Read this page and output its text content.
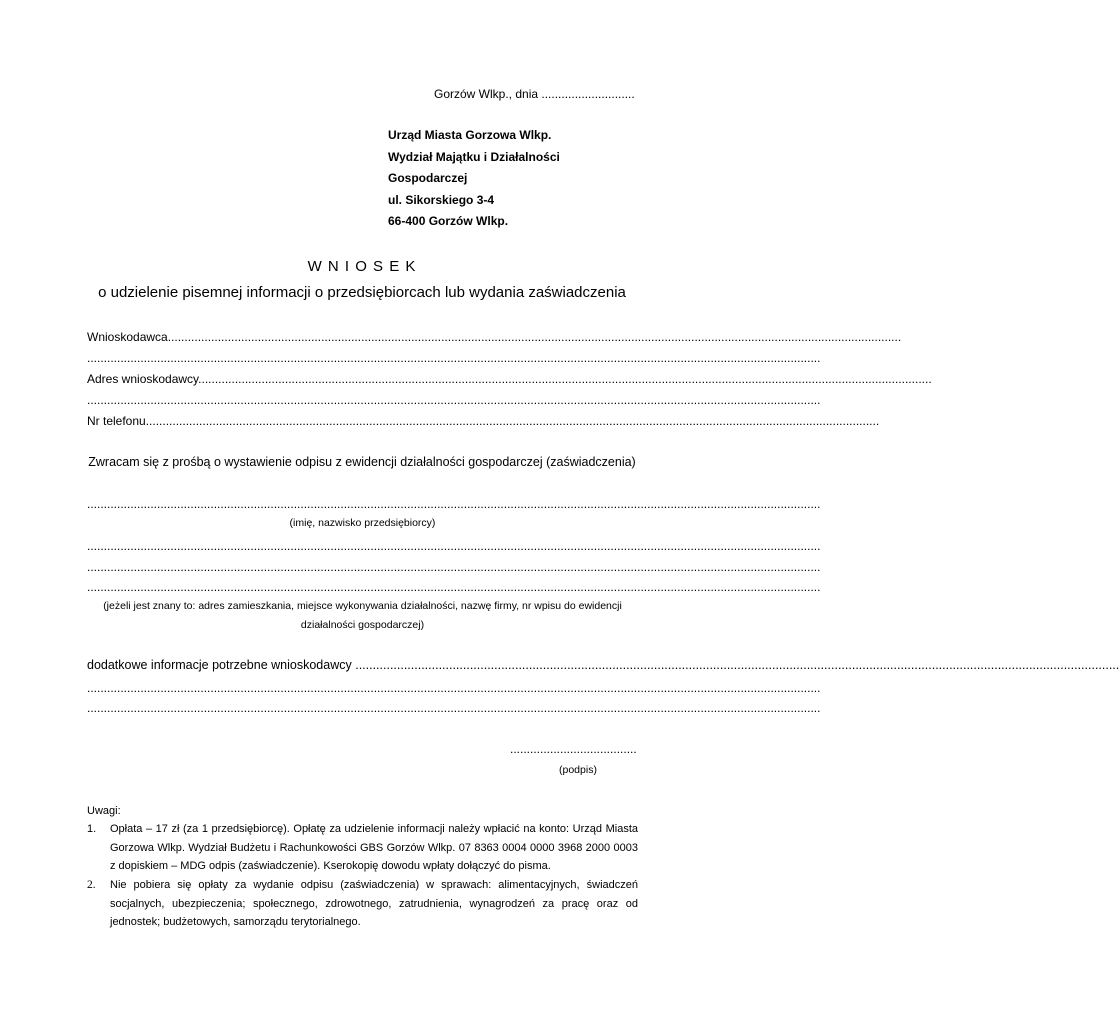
Gorzów Wlkp., dnia ............................
Urząd Miasta Gorzowa Wlkp.
Wydział Majątku i Działalności
Gospodarczej
ul. Sikorskiego 3-4
66-400 Gorzów Wlkp.
W N I O S E K
o udzielenie pisemnej informacji o przedsiębiorcach lub wydania zaświadczenia
Wnioskodawca............................................................................................................................................................................................................................
............................................................................................................................................................................................................................
Adres wnioskodawcy............................................................................................................................................................................................................................
............................................................................................................................................................................................................................
Nr telefonu............................................................................................................................................................................................................................
Zwracam się z prośbą o wystawienie odpisu z ewidencji działalności gospodarczej (zaświadczenia)
............................................................................................................................................................................................................................
(imię, nazwisko przedsiębiorcy)
............................................................................................................................................................................................................................
............................................................................................................................................................................................................................
............................................................................................................................................................................................................................
(jeżeli jest znany to: adres zamieszkania, miejsce wykonywania działalności, nazwę firmy, nr wpisu do ewidencji
działalności gospodarczej)
dodatkowe informacje potrzebne wnioskodawcy ............................................................................................................................................................................................................................
............................................................................................................................................................................................................................
............................................................................................................................................................................................................................
......................................
(podpis)
Uwagi:
1. Opłata – 17 zł (za 1 przedsiębiorcę). Opłatę za udzielenie informacji należy wpłacić na konto: Urząd Miasta Gorzowa Wlkp. Wydział Budżetu i Rachunkowości GBS Gorzów Wlkp. 07 8363 0004 0000 3968 2000 0003 z dopiskiem – MDG odpis (zaświadczenie). Kserokopię dowodu wpłaty dołączyć do pisma.
2. Nie pobiera się opłaty za wydanie odpisu (zaświadczenia) w sprawach: alimentacyjnych, świadczeń socjalnych, ubezpieczenia; społecznego, zdrowotnego, zatrudnienia, wynagrodzeń za pracę oraz od jednostek; budżetowych, samorządu terytorialnego.
